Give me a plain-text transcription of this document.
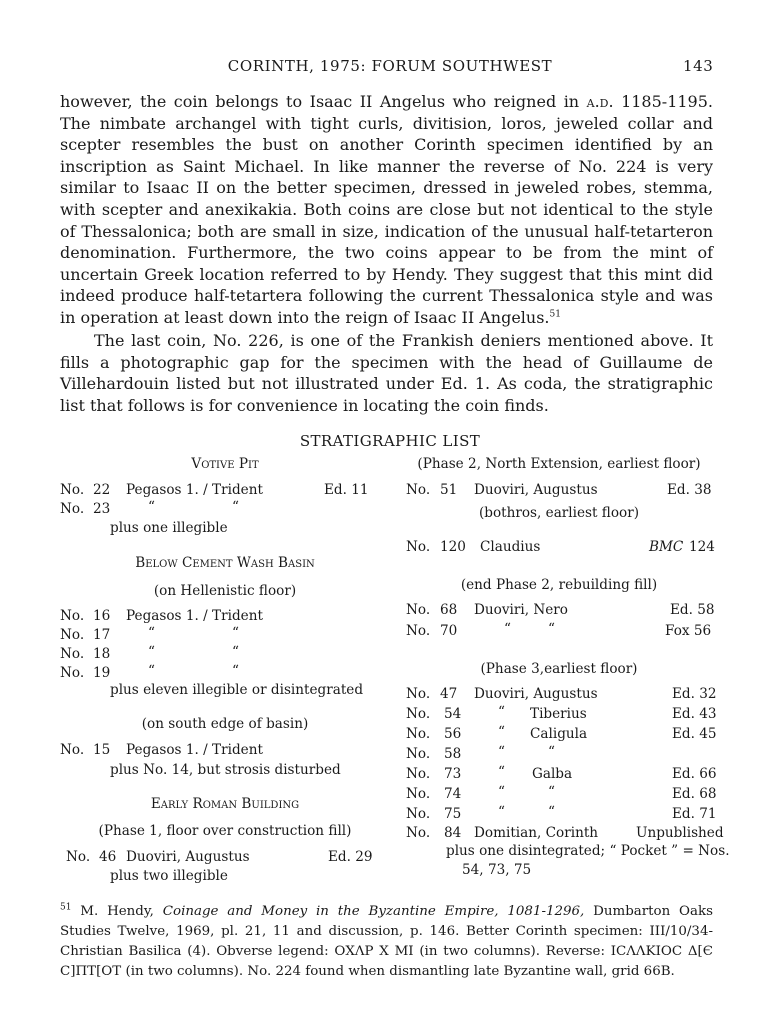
CORINTH, 1975: FORUM SOUTHWEST	143

however, the coin belongs to Isaac II Angelus who reigned in a.d. 1185-1195. The nimbate archangel with tight curls, divitision, loros, jeweled collar and scepter resembles the bust on another Corinth specimen identified by an inscription as Saint Michael. In like manner the reverse of No. 224 is very similar to Isaac II on the better specimen, dressed in jeweled robes, stemma, with scepter and anexikakia. Both coins are close but not identical to the style of Thessalonica; both are small in size, indication of the unusual half-tetarteron denomination. Furthermore, the two coins appear to be from the mint of uncertain Greek location referred to by Hendy. They suggest that this mint did indeed produce half-tetartera following the current Thessalonica style and was in operation at least down into the reign of Isaac II Angelus.$^{51}$

The last coin, No. 226, is one of the Frankish deniers mentioned above. It fills a photographic gap for the specimen with the head of Guillaume de Villehardouin listed but not illustrated under Ed. 1. As coda, the stratigraphic list that follows is for convenience in locating the coin finds.

STRATIGRAPHIC LIST
Votive Pit
No. 22 Pegasos 1. / Trident	Ed. 11
No. 23	“	“
plus one illegible
Below Cement Wash Basin
(on Hellenistic floor)
No. 16 Pegasos 1. / Trident
No. 17	“	“
No. 18	“	“
No. 19	“	“
plus eleven illegible or disintegrated
(on south edge of basin)
No. 15 Pegasos 1. / Trident
plus No. 14, but strosis disturbed
Early Roman Building
(Phase 1, floor over construction fill)
No. 46 Duoviri, Augustus	Ed. 29
plus two illegible
(Phase 2, North Extension, earliest floor)
No. 51 Duoviri, Augustus	Ed. 38
(bothros, earliest floor)
No. 120 Claudius	BMC 124
(end Phase 2, rebuilding fill)
No. 68 Duoviri, Nero	Ed. 58
No. 70	“	“	Fox 56
(Phase 3,earliest floor)
No. 47 Duoviri, Augustus	Ed. 32
No. 54	“ Tiberius	Ed. 43
No. 56	“ Caligula	Ed. 45
No. 58	“	“
No. 73	“ Galba	Ed. 66
No. 74	“	“	Ed. 68
No. 75	“	“	Ed. 71
No. 84 Domitian, Corinth	Unpublished
plus one disintegrated; “ Pocket ” = Nos.
54, 73, 75

$^{51}$ M. Hendy, Coinage and Money in the Byzantine Empire, 1081-1296, Dumbarton Oaks Studies Twelve, 1969, pl. 21, 11 and discussion, p. 146. Better Corinth specimen: III/10/34-Christian Basilica (4). Obverse legend: ΟΧΛΡ Χ ΜΙ (in two columns). Reverse: ΙϹΛΛΚΙΟϹ Δ[Є C]ΠΤ[ΟΤ (in two columns). No. 224 found when dismantling late Byzantine wall, grid 66B.
